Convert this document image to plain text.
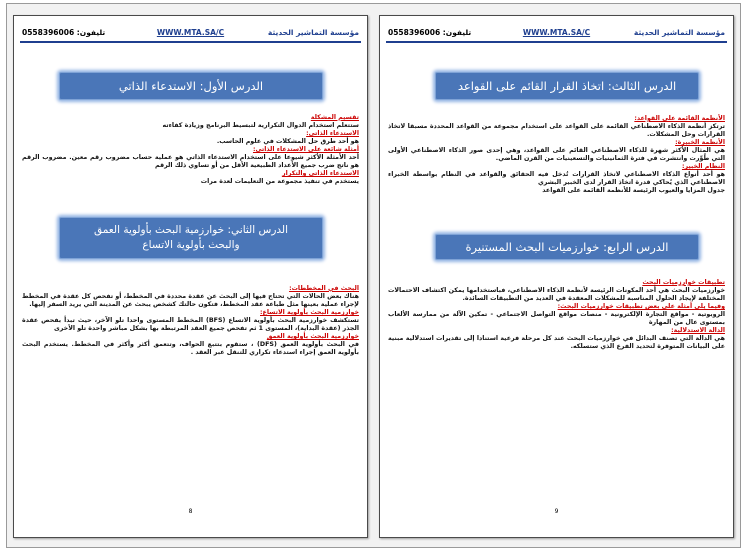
مؤسسة التماشير الحديثة
WWW.MTA.SA/C
تليفون: 0558396006
الدرس الأول: الاستدعاء الذاتي
تقسيم المشكلة
ستتعلم استخدام الدوال التكرارية لتبسيط البرنامج وزيادة كفاءته
الاستدعاء الذاتي:
هو أحد طرق حل المشكلات في علوم الحاسب.
أمثلة شائعة على الاستدعاء الذاتي:
أحد الأمثلة الأكثر شيوعا على استخدام الاستدعاء الذاتي هو عملية حساب مضروب رقم معين. مضروب الرقم هو ناتج ضرب جميع الأعداد الطبيعية الأقل من أو تساوي ذلك الرقم
الاستدعاء الذاتي والتكرار
يستخدم في تنفيذ مجموعة من التعليمات لعدة مرات
الدرس الثاني: خوارزمية البحث بأولوية العمق
والبحث بأولوية الاتساع
البحث في المخططات:
هناك بعض الحالات التي تحتاج فيها إلى البحث عن عقدة محددة في المخطط، أو تفحص كل عقدة في المخطط لإجراء عملية بعينها مثل طباعة عقد المخطط، فتكون حالتك كشخص يبحث عن المدينة التي يريد السفر إليها.
خوارزمية البحث بأولوية الاتساع:
تستكشف خوارزمية البحث بأولوية الاتساع (BFS) المخطط المستوى واحدا تلو الآخر، حيث تبدأ بفحص عقدة الجذر (عقدة البداية)، المستوى 1 ثم تفحص جميع العقد المرتبطة بها بشكل مباشر واحدة تلو الأخرى
خوارزمية البحث بأولوية العمق
في البحث بأولوية العمق (DFS) ، ستقوم بتتبع الحواف، وتتعمق أكثر وأكثر في المخطط. يستخدم البحث بأولوية العمق إجراء استدعاء تكراري للتنقل عبر العقد .
8
مؤسسة التماشير الحديثة
WWW.MTA.SA/C
تليفون: 0558396006
الدرس الثالث: اتخاذ القرار القائم على القواعد
الأنظمة القائمة على القواعد:
ترتكز أنظمة الذكاء الاصطناعي القائمة على القواعد على استخدام مجموعة من القواعد المحددة مسبقا لاتخاذ القرارات وحل المشكلات.
الأنظمة الخبيرة:
هي المثال الأكثر شهرة للذكاء الاصطناعي القائم على القواعد، وهي إحدى صور الذكاء الاصطناعي الأولى التي طُوِّرت وانتشرت في فترة الثمانينيات والتسعينيات من القرن الماضي.
النظام الخبير:
هو أحد أنواع الذكاء الاصطناعي لاتخاذ القرارات تُدخل فيه الحقائق والقواعد في النظام بواسطة الخبراء الاصطناعي الذي يُحاكي قدرة اتخاذ القرار لدى الخبير البشري
جدول المزايا والعيوب الرئيسة للأنظمة القائمة على القواعد
الدرس الرابع: خوارزميات البحث المستنيرة
تطبيقات خوارزميات البحث
خوارزميات البحث هي أحد المكونات الرئيسة لأنظمة الذكاء الاصطناعي، فباستخدامها يمكن اكتشاف الاحتمالات المختلفة لإيجاد الحلول المناسبة للمشكلات المعقدة في العديد من التطبيقات السائدة.
وفيما يلي أمثلة على بعض تطبيقات خوارزميات البحث:
الروبوتية - مواقع التجارة الإلكترونية - منصات مواقع التواصل الاجتماعي - تمكين الآلة من ممارسة الألعاب بمستوى عال من المهارة
الدالة الاستدلالية:
هي الدالة التي تصنف البدائل في خوارزميات البحث عند كل مرحلة فرعية استنادا إلى تقديرات استدلالية مبنية على البيانات المتوفرة لتحديد الفرع الذي ستسلكه.
9
